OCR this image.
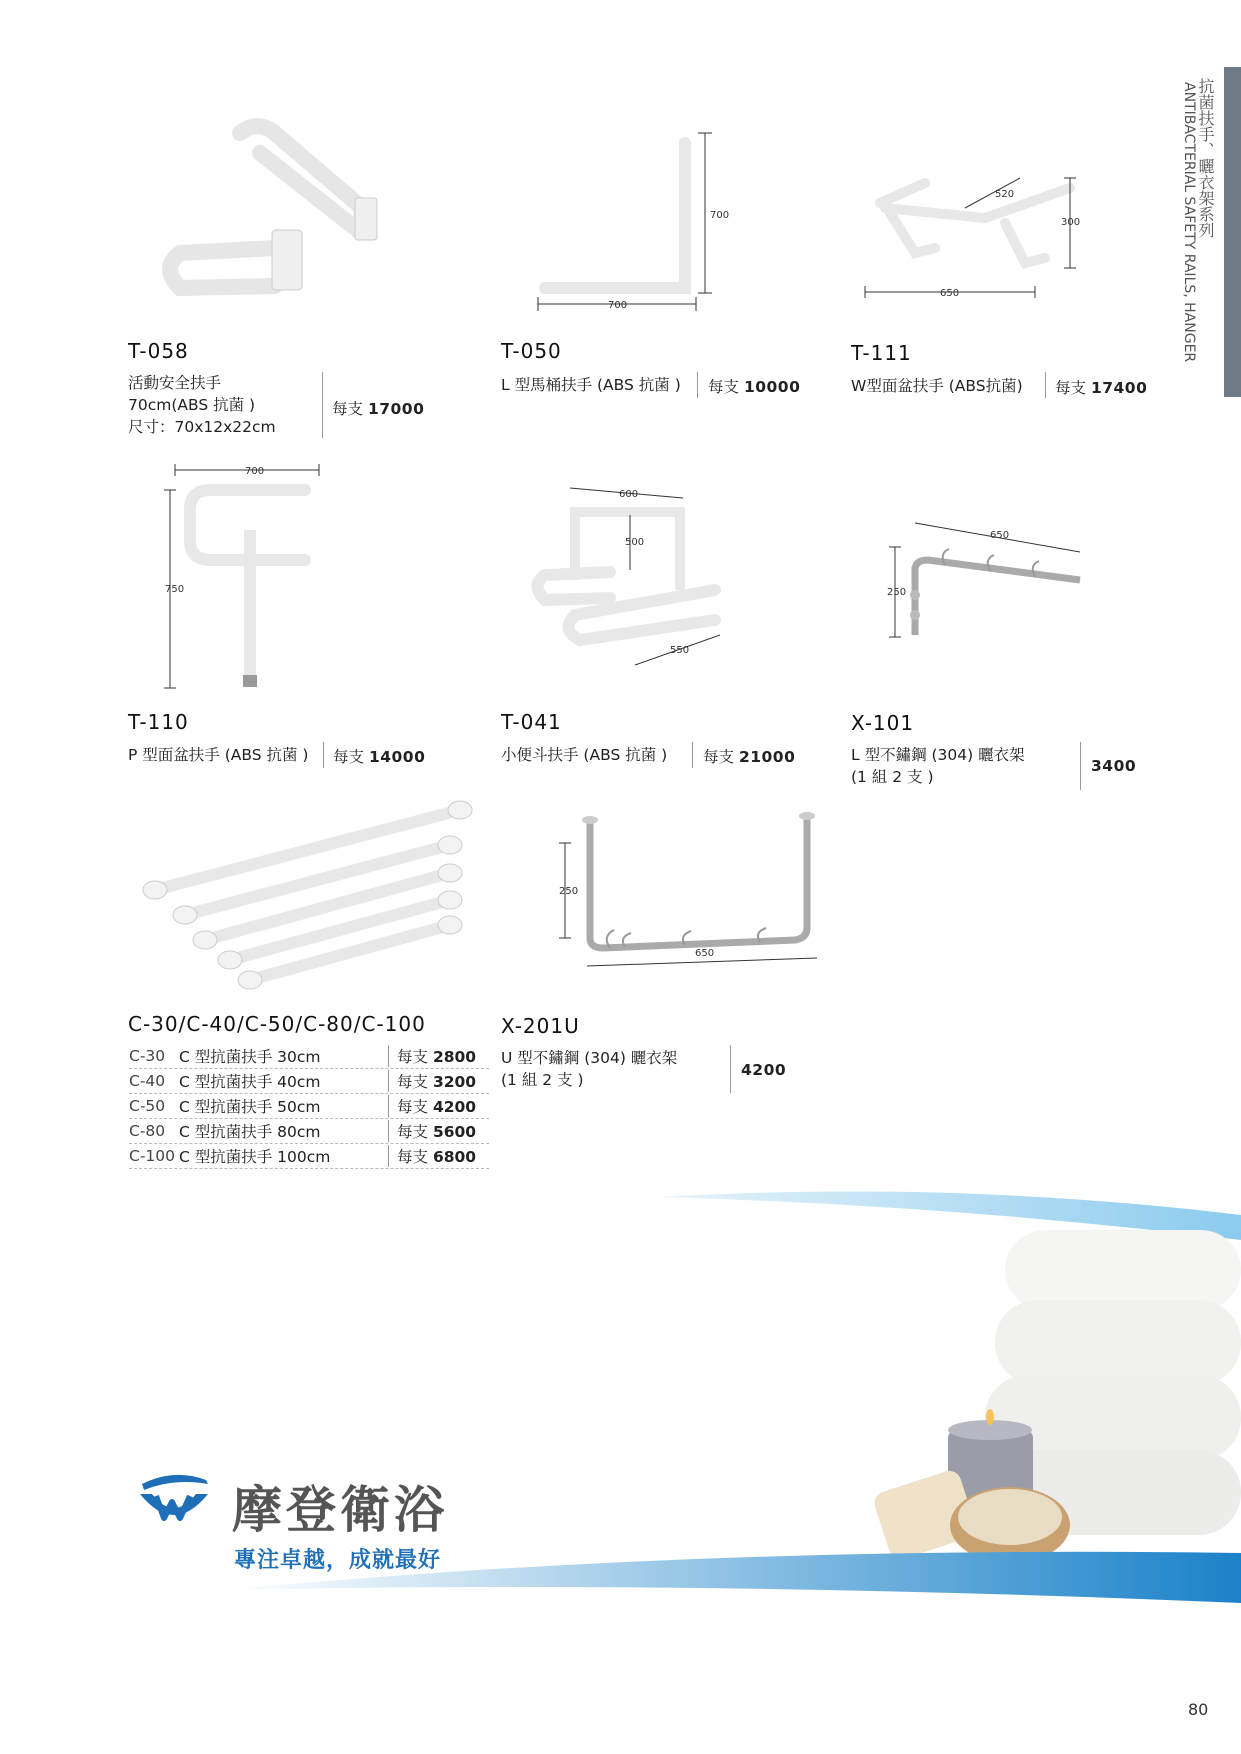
抗菌扶手、曬衣架系列
ANTIBACTERIAL SAFETY RAILS, HANGER
T-058
活動安全扶手
70cm(ABS 抗菌 )
尺寸：70x12x22cm
每支 17000
700
700
T-050
L 型馬桶扶手 (ABS 抗菌 ) 每支 10000
520
300
650
T-111
W型面盆扶手 (ABS抗菌) 每支 17400
700
750
T-110
P 型面盆扶手 (ABS 抗菌 ) 每支 14000
600
500
550
T-041
小便斗扶手 (ABS 抗菌 ) 每支 21000
650
250
X-101
L 型不鏽鋼 (304) 曬衣架
(1 組 2 支 )
3400
C-30/C-40/C-50/C-80/C-100
C-30 C 型抗菌扶手 30cm	每支 2800
C-40 C 型抗菌扶手 40cm	每支 3200
C-50 C 型抗菌扶手 50cm	每支 4200
C-80 C 型抗菌扶手 80cm	每支 5600
C-100 C 型抗菌扶手 100cm	每支 6800
250
650
X-201U
U 型不鏽鋼 (304) 曬衣架
(1 組 2 支 )
4200
摩登衛浴
專注卓越，成就最好
80
